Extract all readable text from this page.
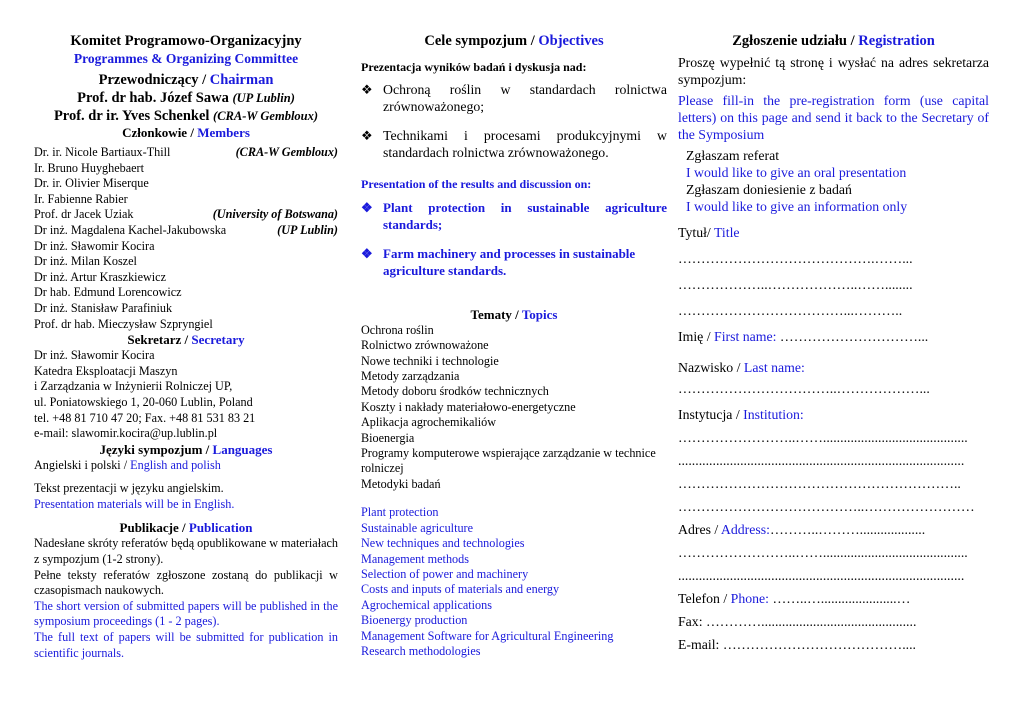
Komitet Programowo-Organizacyjny
Programmes & Organizing Committee
Przewodniczący / Chairman
Prof. dr hab. Józef Sawa (UP Lublin)
Prof. dr ir. Yves Schenkel (CRA-W Gembloux)
Członkowie / Members
Dr. ir. Nicole Bartiaux-Thill	(CRA-W Gembloux)
Ir. Bruno Huyghebaert
Dr. ir. Olivier Miserque
Ir. Fabienne Rabier
Prof. dr Jacek Uziak	(University of Botswana)
Dr inż. Magdalena Kachel-Jakubowska	(UP Lublin)
Dr inż. Sławomir Kocira
Dr inż. Milan Koszel
Dr inż. Artur Kraszkiewicz
Dr hab. Edmund Lorencowicz
Dr inż. Stanisław Parafiniuk
Prof. dr hab. Mieczysław Szpryngiel
Sekretarz / Secretary
Dr inż. Sławomir Kocira
Katedra Eksploatacji Maszyn
i Zarządzania w Inżynierii Rolniczej UP,
ul. Poniatowskiego 1, 20-060 Lublin, Poland
tel. +48 81 710 47 20; Fax. +48 81 531 83 21
e-mail: slawomir.kocira@up.lublin.pl
Języki sympozjum / Languages
Angielski i polski / English and polish
Tekst prezentacji w języku angielskim.
Presentation materials will be in English.
Publikacje / Publication
Nadesłane skróty referatów będą opublikowane w materiałach z sympozjum (1-2 strony).
Pełne teksty referatów zgłoszone zostaną do publikacji w czasopismach naukowych.
The short version of submitted papers will be published in the symposium proceedings (1 - 2 pages).
The full text of papers will be submitted for publication in scientific journals.
Cele sympozjum / Objectives
Prezentacja wyników badań i dyskusja nad:
❖ Ochroną roślin w standardach rolnictwa zrównoważonego;
❖ Technikami i procesami produkcyjnymi w standardach rolnictwa zrównoważonego.
Presentation of the results and discussion on:
❖ Plant protection in sustainable agriculture standards;
❖ Farm machinery and processes in sustainable agriculture standards.
Tematy / Topics
Ochrona roślin
Rolnictwo zrównoważone
Nowe techniki i technologie
Metody zarządzania
Metody doboru środków technicznych
Koszty i nakłady materiałowo-energetyczne
Aplikacja agrochemikaliów
Bioenergia
Programy komputerowe wspierające zarządzanie w technice rolniczej
Metodyki badań
Plant protection
Sustainable agriculture
New techniques and technologies
Management methods
Selection of power and machinery
Costs and inputs of materials and energy
Agrochemical applications
Bioenergy production
Management Software for Agricultural Engineering
Research methodologies
Zgłoszenie udziału / Registration
Proszę wypełnić tą stronę i wysłać na adres sekretarza sympozjum:
Please fill-in the pre-registration form (use capital letters) on this page and send it back to the Secretary of the Symposium
Zgłaszam referat
I would like to give an oral presentation
Zgłaszam doniesienie z badań
I would like to give an information only
Tytuł/ Title
…………………………………….……...
………………..………………..……........
………………………………...………..
Imię / First name: …………………………...
Nazwisko / Last name:
……………………………..………………...
Instytucja / Institution:
……………………..……..........................................
...................................................................................
……………………………………………………..
…………………………………..……………………
Adres / Address:………..………...................
……………………..……..........................................
...................................................................................
Telefon / Phone: ……..…......................…
Fax: ………….............................................
E-mail: …………………………………....
